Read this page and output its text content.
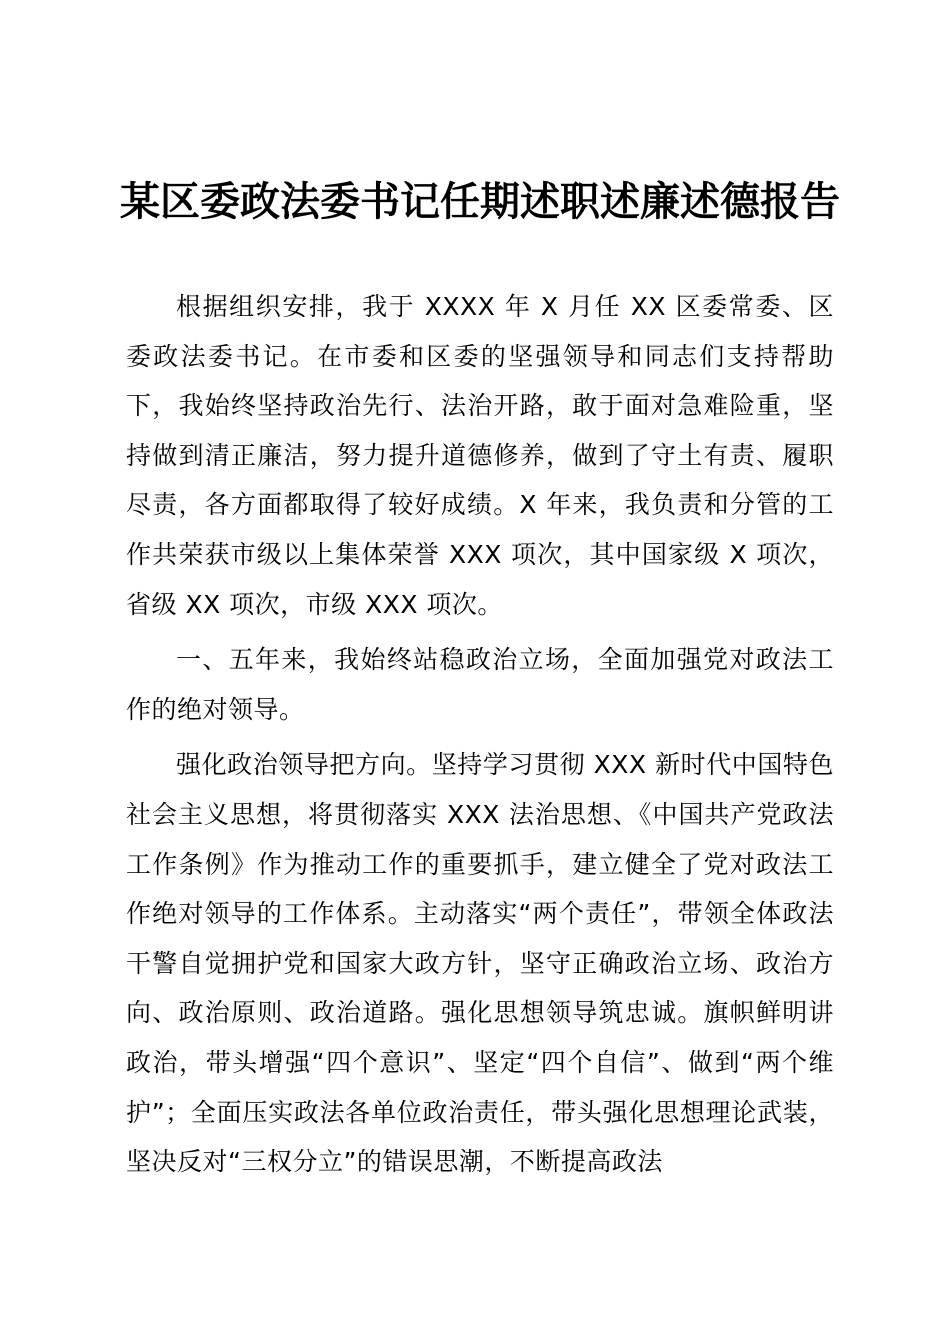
某区委政法委书记任期述职述廉述德报告

根据组织安排，我于 XXXX 年 X 月任 XX 区委常委、区委政法委书记。在市委和区委的坚强领导和同志们支持帮助下，我始终坚持政治先行、法治开路，敢于面对急难险重，坚持做到清正廉洁，努力提升道德修养，做到了守土有责、履职尽责，各方面都取得了较好成绩。X 年来，我负责和分管的工作共荣获市级以上集体荣誉 XXX 项次，其中国家级 X 项次，省级 XX 项次，市级 XXX 项次。

一、五年来，我始终站稳政治立场，全面加强党对政法工作的绝对领导。

强化政治领导把方向。坚持学习贯彻 XXX 新时代中国特色社会主义思想，将贯彻落实 XXX 法治思想、《中国共产党政法工作条例》作为推动工作的重要抓手，建立健全了党对政法工作绝对领导的工作体系。主动落实“两个责任”，带领全体政法干警自觉拥护党和国家大政方针，坚守正确政治立场、政治方向、政治原则、政治道路。强化思想领导筑忠诚。旗帜鲜明讲政治，带头增强“四个意识”、坚定“四个自信”、做到“两个维护”；全面压实政法各单位政治责任，带头强化思想理论武装，坚决反对“三权分立”的错误思潮，不断提高政法
